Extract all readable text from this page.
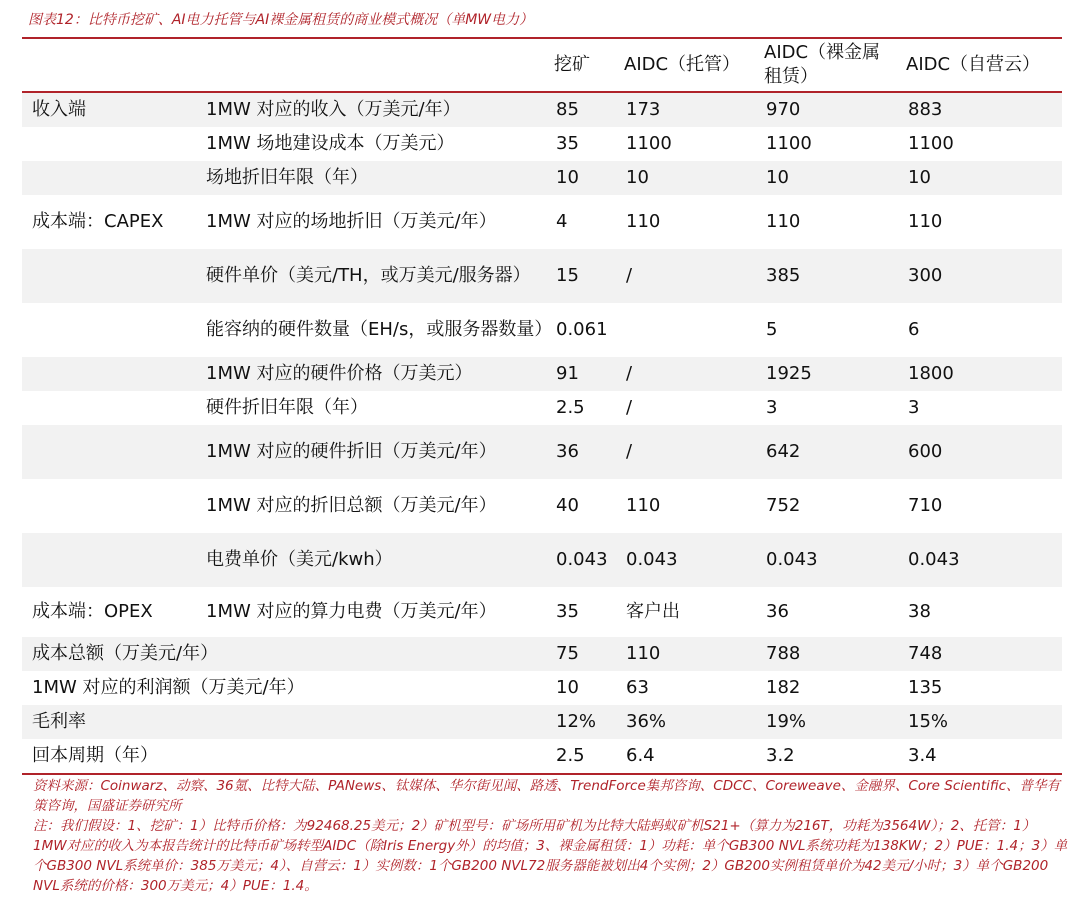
图表12：比特币挖矿、AI电力托管与AI裸金属租赁的商业模式概况（单MW电力）
		挖矿	AIDC（托管）	AIDC（裸金属租赁）	AIDC（自营云）
收入端	1MW 对应的收入（万美元/年）	85	173	970	883
	1MW 场地建设成本（万美元）	35	1100	1100	1100
	场地折旧年限（年）	10	10	10	10
成本端：CAPEX	1MW 对应的场地折旧（万美元/年）	4	110	110	110
	硬件单价（美元/TH，或万美元/服务器）	15	/	385	300
	能容纳的硬件数量（EH/s，或服务器数量）	0.061		5	6
	1MW 对应的硬件价格（万美元）	91	/	1925	1800
	硬件折旧年限（年）	2.5	/	3	3
	1MW 对应的硬件折旧（万美元/年）	36	/	642	600
	1MW 对应的折旧总额（万美元/年）	40	110	752	710
	电费单价（美元/kwh）	0.043	0.043	0.043	0.043
成本端：OPEX	1MW 对应的算力电费（万美元/年）	35	客户出	36	38
成本总额（万美元/年）		75	110	788	748
1MW 对应的利润额（万美元/年）		10	63	182	135
毛利率		12%	36%	19%	15%
回本周期（年）		2.5	6.4	3.2	3.4
资料来源：Coinwarz、动察、36氪、比特大陆、PANews、钛媒体、华尔街见闻、路透、TrendForce集邦咨询、CDCC、Coreweave、金融界、Core Scientific、普华有策咨询，国盛证券研究所
注：我们假设：1、挖矿：1）比特币价格：为92468.25美元；2）矿机型号：矿场所用矿机为比特大陆蚂蚁矿机S21+（算力为216T，功耗为3564W）；2、托管：1）1MW对应的收入为本报告统计的比特币矿场转型AIDC（除Iris Energy外）的均值；3、裸金属租赁：1）功耗：单个GB300 NVL系统功耗为138KW；2）PUE：1.4；3）单个GB300 NVL系统单价：385万美元；4）、自营云：1）实例数：1个GB200 NVL72服务器能被划出4个实例；2）GB200实例租赁单价为42美元/小时；3）单个GB200 NVL系统的价格：300万美元；4）PUE：1.4。
